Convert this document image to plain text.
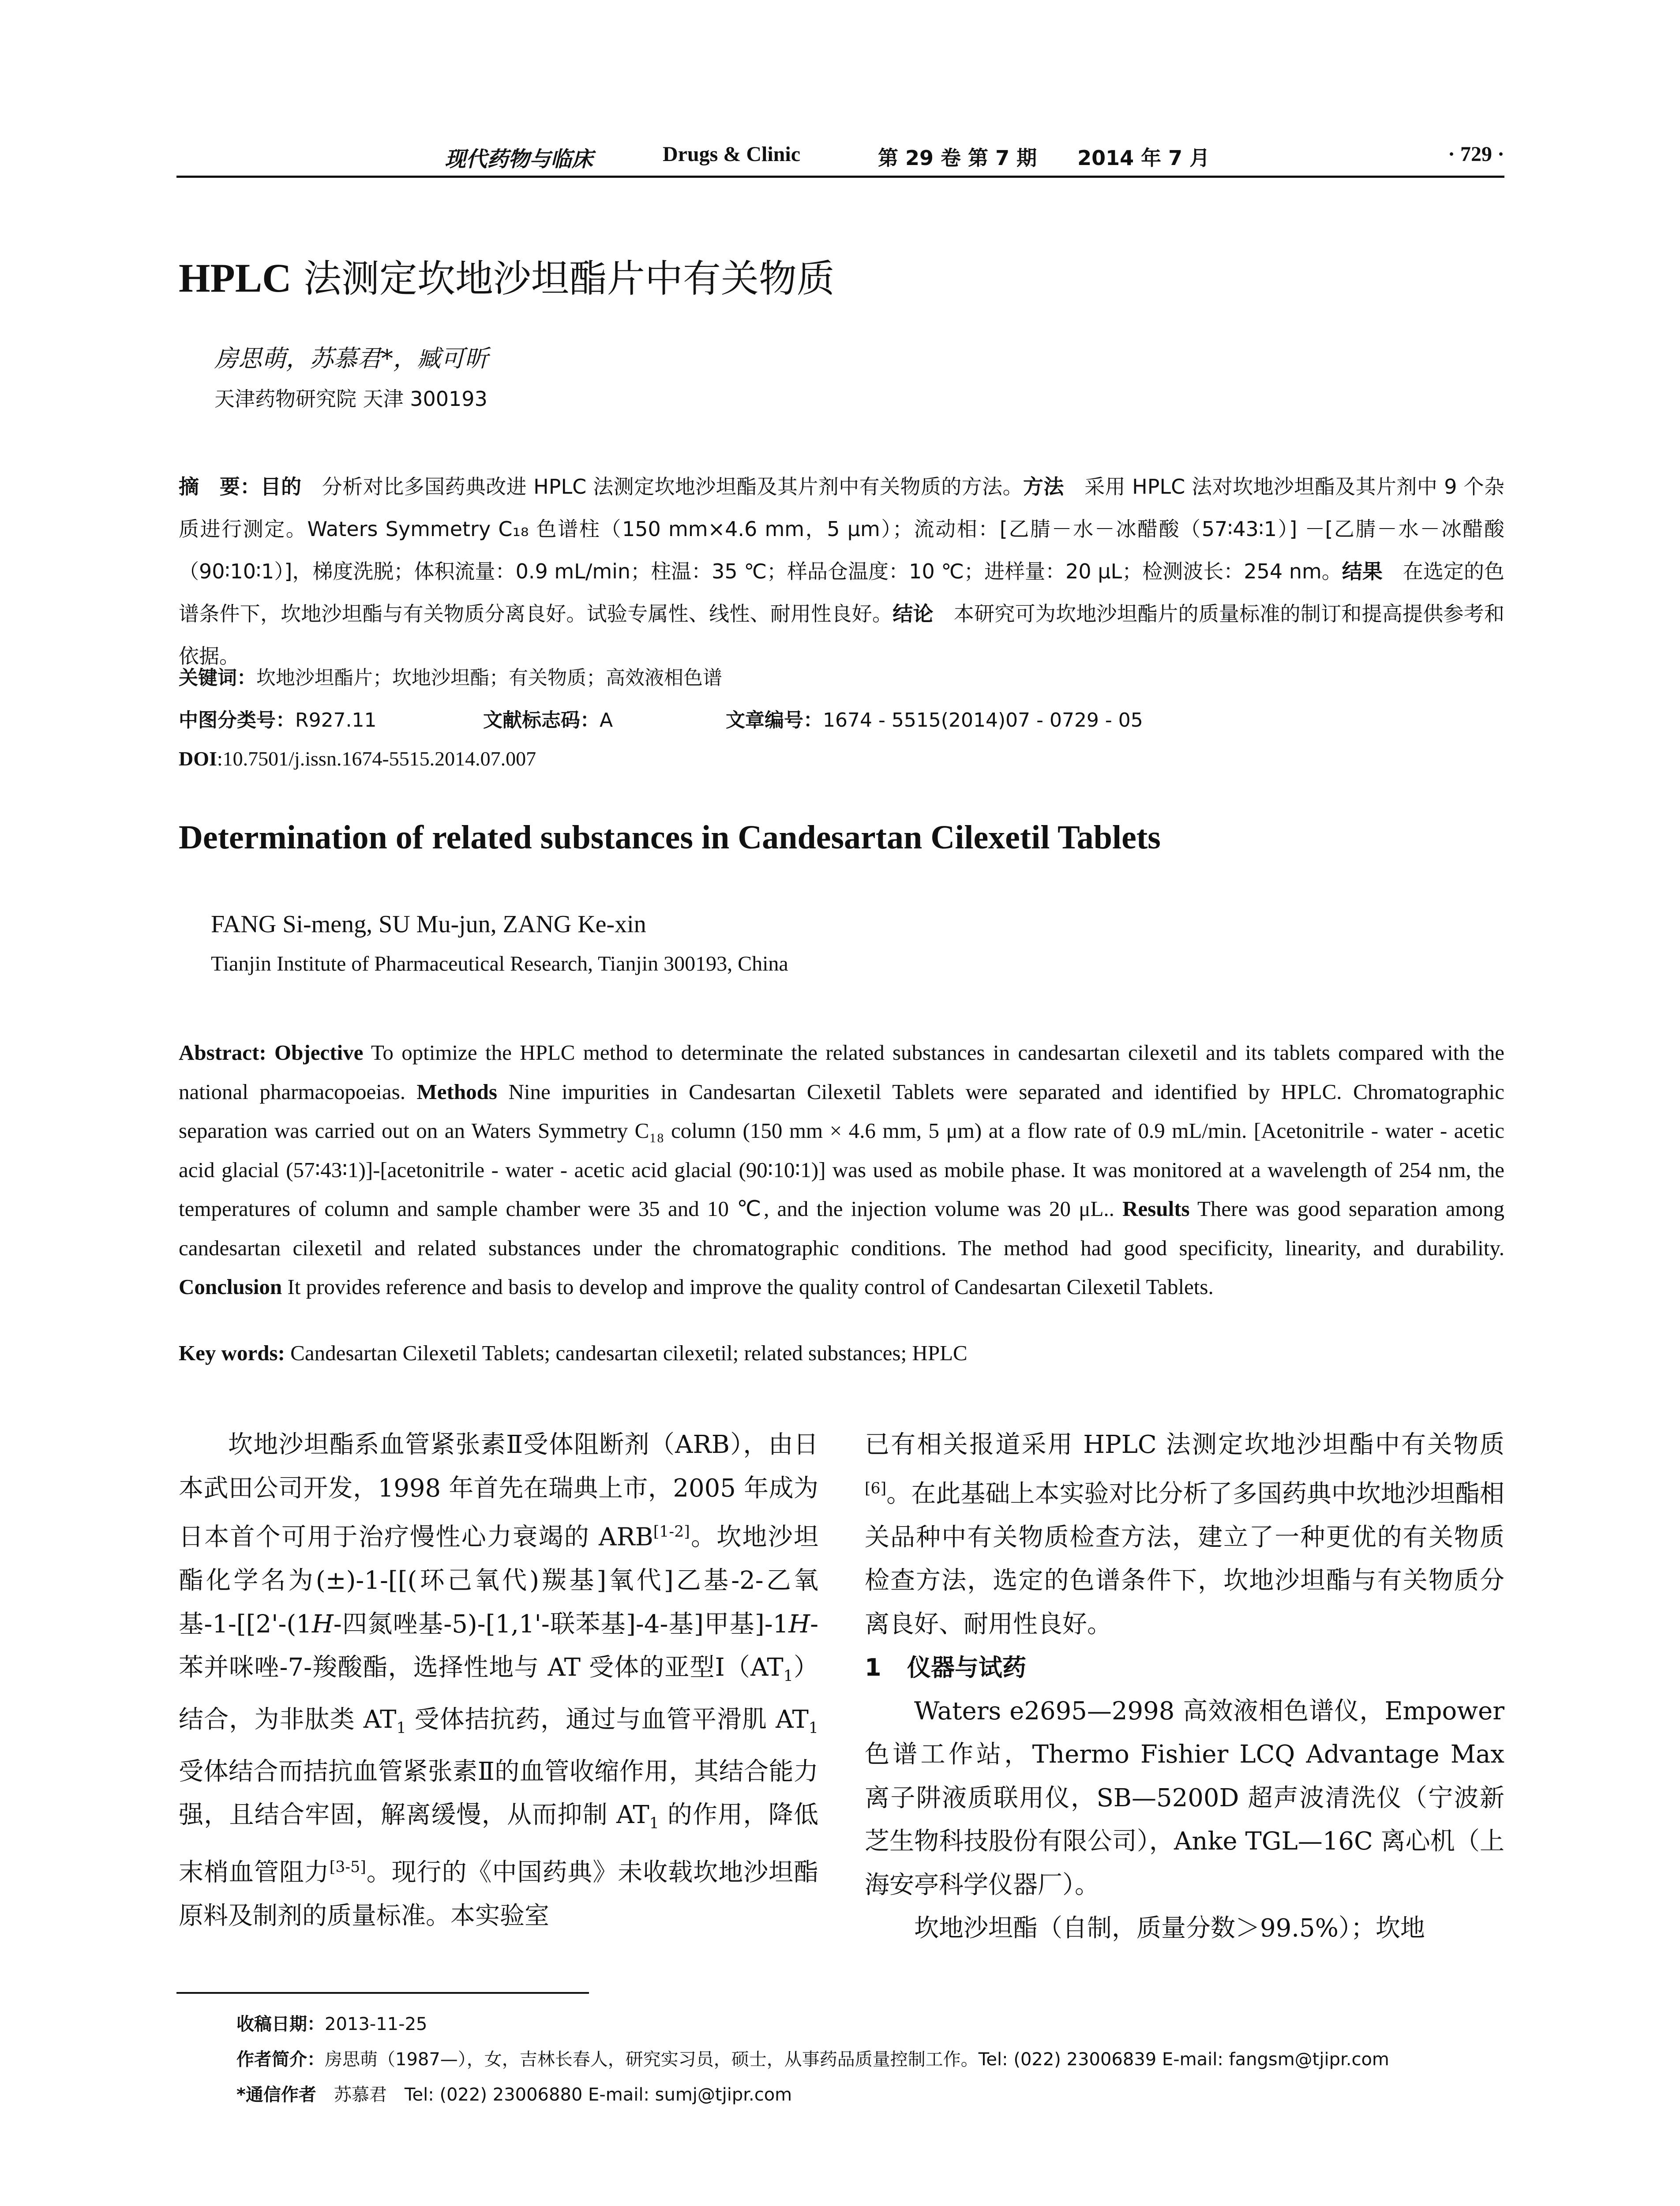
现代药物与临床	Drugs & Clinic	第 29 卷 第 7 期   2014 年 7 月	· 729 ·
HPLC 法测定坎地沙坦酯片中有关物质
房思萌，苏慕君*，臧可昕
天津药物研究院 天津 300193
摘　要：目的　分析对比多国药典改进 HPLC 法测定坎地沙坦酯及其片剂中有关物质的方法。方法　采用 HPLC 法对坎地沙坦酯及其片剂中 9 个杂质进行测定。Waters Symmetry C₁₈ 色谱柱（150 mm×4.6 mm，5 μm）；流动相：[乙腈－水－冰醋酸（57∶43∶1）] －[乙腈－水－冰醋酸（90∶10∶1）]，梯度洗脱；体积流量：0.9 mL/min；柱温：35 ℃；样品仓温度：10 ℃；进样量：20 μL；检测波长：254 nm。结果　在选定的色谱条件下，坎地沙坦酯与有关物质分离良好。试验专属性、线性、耐用性良好。结论　本研究可为坎地沙坦酯片的质量标准的制订和提高提供参考和依据。
关键词：坎地沙坦酯片；坎地沙坦酯；有关物质；高效液相色谱
中图分类号：R927.11	文献标志码：A	文章编号：1674 - 5515(2014)07 - 0729 - 05
DOI:10.7501/j.issn.1674-5515.2014.07.007
Determination of related substances in Candesartan Cilexetil Tablets
FANG Si-meng, SU Mu-jun, ZANG Ke-xin
Tianjin Institute of Pharmaceutical Research, Tianjin 300193, China
Abstract: Objective To optimize the HPLC method to determinate the related substances in candesartan cilexetil and its tablets compared with the national pharmacopoeias. Methods Nine impurities in Candesartan Cilexetil Tablets were separated and identified by HPLC. Chromatographic separation was carried out on an Waters Symmetry C₁₈ column (150 mm × 4.6 mm, 5 μm) at a flow rate of 0.9 mL/min. [Acetonitrile - water - acetic acid glacial (57∶43∶1)]-[acetonitrile - water - acetic acid glacial (90∶10∶1)] was used as mobile phase. It was monitored at a wavelength of 254 nm, the temperatures of column and sample chamber were 35 and 10 ℃, and the injection volume was 20 μL.. Results There was good separation among candesartan cilexetil and related substances under the chromatographic conditions. The method had good specificity, linearity, and durability. Conclusion It provides reference and basis to develop and improve the quality control of Candesartan Cilexetil Tablets.
Key words: Candesartan Cilexetil Tablets; candesartan cilexetil; related substances; HPLC

坎地沙坦酯系血管紧张素Ⅱ受体阻断剂（ARB），由日本武田公司开发，1998 年首先在瑞典上市，2005 年成为日本首个可用于治疗慢性心力衰竭的 ARB[1-2]。坎地沙坦酯化学名为(±)-1-[[(环己氧代)羰基]氧代]乙基-2-乙氧基-1-[[2'-(1H-四氮唑基-5)-[1,1'-联苯基]-4-基]甲基]-1H-苯并咪唑-7-羧酸酯，选择性地与 AT 受体的亚型$Ⅰ(AT_1)$结合，为非肽类 $AT_1$ 受体拮抗药，通过与血管平滑肌 $AT_1$ 受体结合而拮抗血管紧张素Ⅱ的血管收缩作用，其结合能力强，且结合牢固，解离缓慢，从而抑制 $AT_1$ 的作用，降低末梢血管阻力[3-5]。现行的《中国药典》未收载坎地沙坦酯原料及制剂的质量标准。本实验室

已有相关报道采用 HPLC 法测定坎地沙坦酯中有关物质[6]。在此基础上本实验对比分析了多国药典中坎地沙坦酯相关品种中有关物质检查方法，建立了一种更优的有关物质检查方法，选定的色谱条件下，坎地沙坦酯与有关物质分离良好、耐用性良好。

1 仪器与试药

Waters e2695—2998 高效液相色谱仪，Empower 色谱工作站，Thermo Fishier LCQ Advantage Max 离子阱液质联用仪，SB—5200D 超声波清洗仪（宁波新芝生物科技股份有限公司），Anke TGL—16C 离心机（上海安亭科学仪器厂）。

坎地沙坦酯（自制，质量分数＞99.5%）；坎地

收稿日期：2013-11-25
作者简介：房思萌（1987—），女，吉林长春人，研究实习员，硕士，从事药品质量控制工作。Tel: (022) 23006839 E-mail: fangsm@tjipr.com
*通信作者　苏慕君　Tel: (022) 23006880 E-mail: sumj@tjipr.com
